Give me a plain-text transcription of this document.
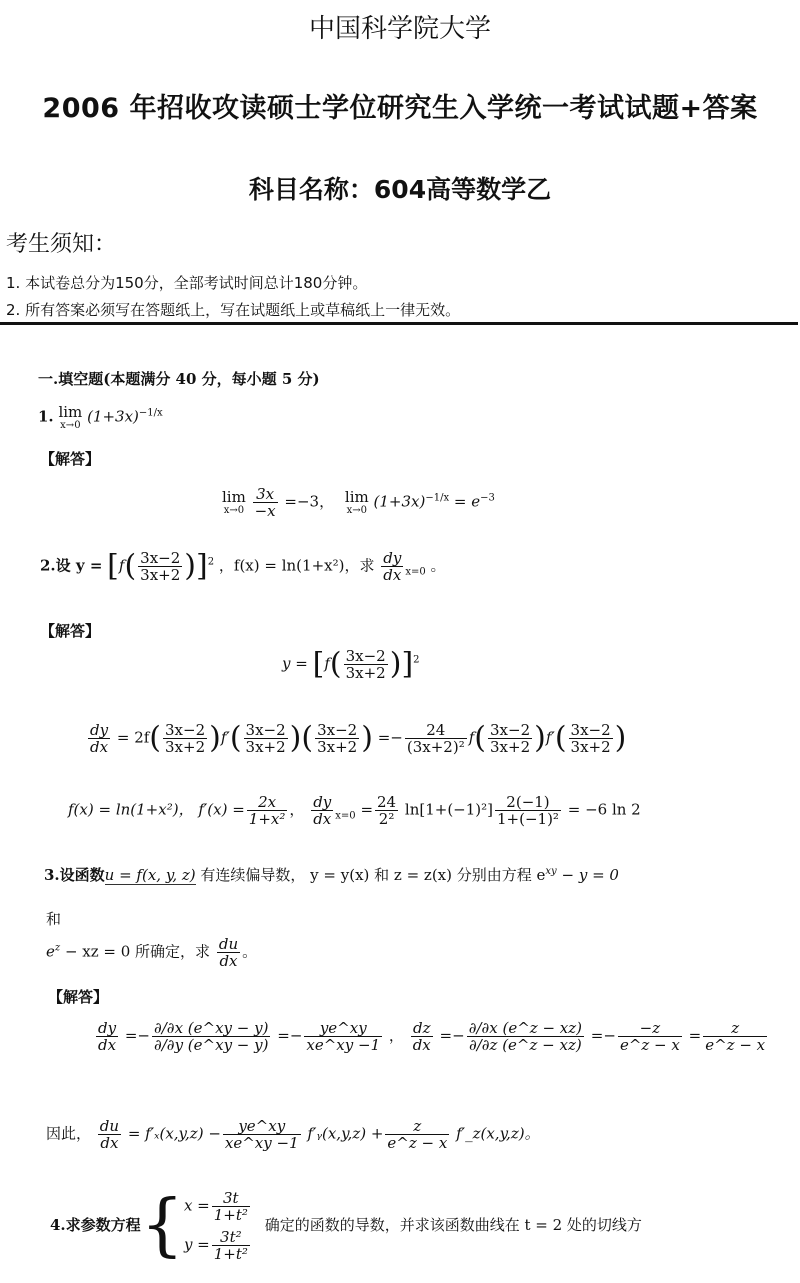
中国科学院大学
2006 年招收攻读硕士学位研究生入学统一考试试题+答案
科目名称：604高等数学乙
考生须知：
1. 本试卷总分为150分，全部考试时间总计180分钟。
2. 所有答案必须写在答题纸上，写在试题纸上或草稿纸上一律无效。
一.填空题(本题满分 40 分，每小题 5 分)
1. lim
x→0 $(1+3x)^{-1/x}$
【解答】
lim
x→0
$\frac{3x}{-x} =-3$， lim
x→0 $(1+3x)^{-1/x} = e^{-3}$
2.设 $y = [f( \frac{3x-2}{3x+2} )]^2$ ，f(x) = ln(1+x²)，求 $\frac{dy}{dx} _{x=0}$ 。
【解答】
$y = [f( \frac{3x-2}{3x+2} )]^2$
$\frac{dy}{dx} = 2f( \frac{3x-2}{3x+2} )f'( \frac{3x-2}{3x+2}$ )( $\frac{3x-2}{3x+2}$ ) =− $\frac{24}{\text{(3x+2)²}} f( \frac{3x-2}{3x+2} )f'( \frac{3x-2}{3x+2}$ )
f(x) = ln(1+x²)， $f'(x) = \frac{2x}{\text{1+x²}}$ ， $\frac{dy}{dx} _{x=0} = \frac{24}{\text{2²}} \ln[1+(-1)^2] \frac{2(-1)}{\text{1+(−1)²}} = -6$ ln 2
3.设函数u = f(x, y, z) 有连续偏导数， y = y(x) 和 z = z(x) 分别由方程 $e^{xy} - y = 0$
和
$e^z$ − xz = 0 所确定，求 $\frac{du}{dx}$ 。
【解答】
$\frac{dy}{dx} =- \frac{\partial/\partial x (e\^{}xy - y)}{\partial/\partial y (e\^{}xy - y)} =- \frac{ye\^{}xy}{xe\^{}xy -1}$ ， $\frac{dz}{dx} =- \frac{\partial/\partial x (e\^{}z - xz)}{\partial/\partial z (e\^{}z - xz)} =- \frac{-z}{e\^{}z - x} = \frac{z}{e\^{}z - x}$
因此， $\frac{du}{dx} = f'_x(x,y,z) - \frac{ye\^{}xy}{xe\^{}xy -1}$ f′ᵧ(x,y,z) + $\frac{z}{e\^{}z - x}$ f′_z(x,y,z)。
4.求参数方程{ $x = \frac{3t}{\text{1+t²}}$
$y = \frac{\text{3t²}}{\text{1+t²}}$
确定的函数的导数，并求该函数曲线在 t = 2 处的切线方
